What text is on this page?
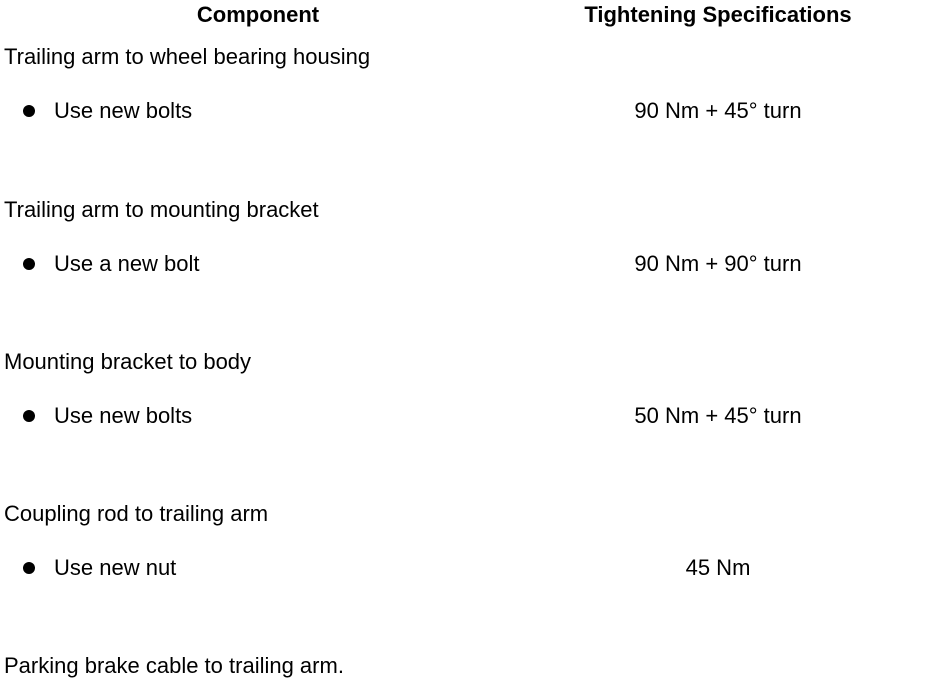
Component	Tightening Specifications
Trailing arm to wheel bearing housing
Use new bolts	90 Nm + 45° turn
Trailing arm to mounting bracket
Use a new bolt	90 Nm + 90° turn
Mounting bracket to body
Use new bolts	50 Nm + 45° turn
Coupling rod to trailing arm
Use new nut	45 Nm
Parking brake cable to trailing arm.
